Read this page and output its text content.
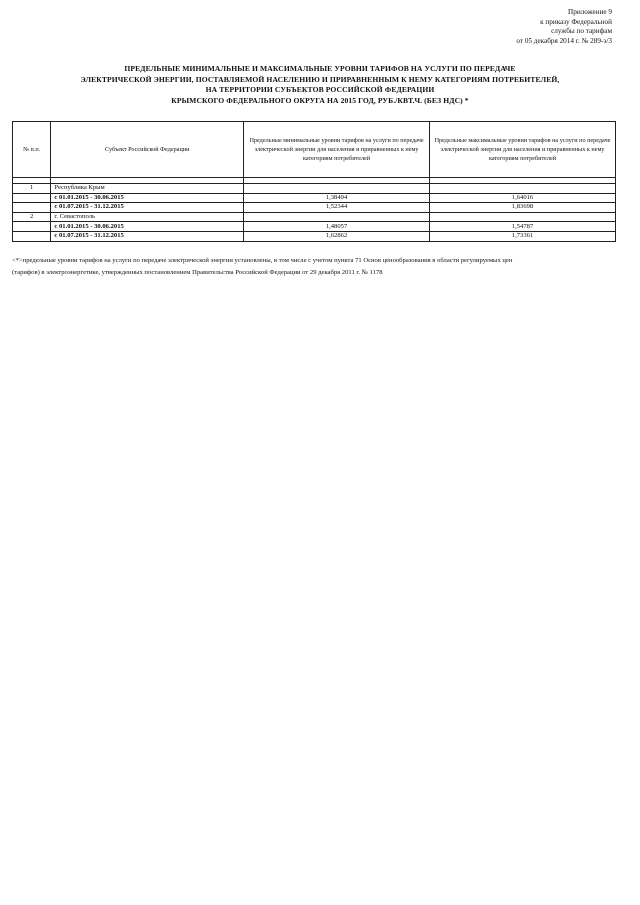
Приложение 9
к приказу Федеральной
службы по тарифам
от 05 декабря 2014 г. № 289-э/3
ПРЕДЕЛЬНЫЕ МИНИМАЛЬНЫЕ И МАКСИМАЛЬНЫЕ УРОВНИ ТАРИФОВ НА УСЛУГИ ПО ПЕРЕДАЧЕ
ЭЛЕКТРИЧЕСКОЙ ЭНЕРГИИ, ПОСТАВЛЯЕМОЙ НАСЕЛЕНИЮ И ПРИРАВНЕННЫМ К НЕМУ КАТЕГОРИЯМ ПОТРЕБИТЕЛЕЙ,
НА ТЕРРИТОРИИ СУБЪЕКТОВ РОССИЙСКОЙ ФЕДЕРАЦИИ
КРЫМСКОГО ФЕДЕРАЛЬНОГО ОКРУГА НА 2015 ГОД, РУБ./КВТ.Ч. (БЕЗ НДС) *
№ п.п.	Субъект Российской Федерации	Предельные минимальные уровни тарифов на услуги по передаче электрической энергии для населения и приравненных к нему категориям потребителей	Предельные максимальные уровни тарифов на услуги по передаче электрической энергии для населения и приравненных к нему категориям потребителей

1	Республика Крым		
	с 01.01.2015 - 30.06.2015	1,38494	1,64016
	с 01.07.2015 - 31.12.2015	1,52344	1,83698
2	г. Севастополь		
	с 01.01.2015 - 30.06.2015	1,48057	1,54787
	с 01.07.2015 - 31.12.2015	1,62862	1,73361
<*>предельные уровни тарифов на услуги по передаче электрической энергии установлены, в том числе с учетом пункта 71 Основ ценообразования в области регулируемых цен
(тарифов) в электроэнергетике, утвержденных постановлением Правительства Российской Федерации от 29 декабря 2011 г. № 1178
